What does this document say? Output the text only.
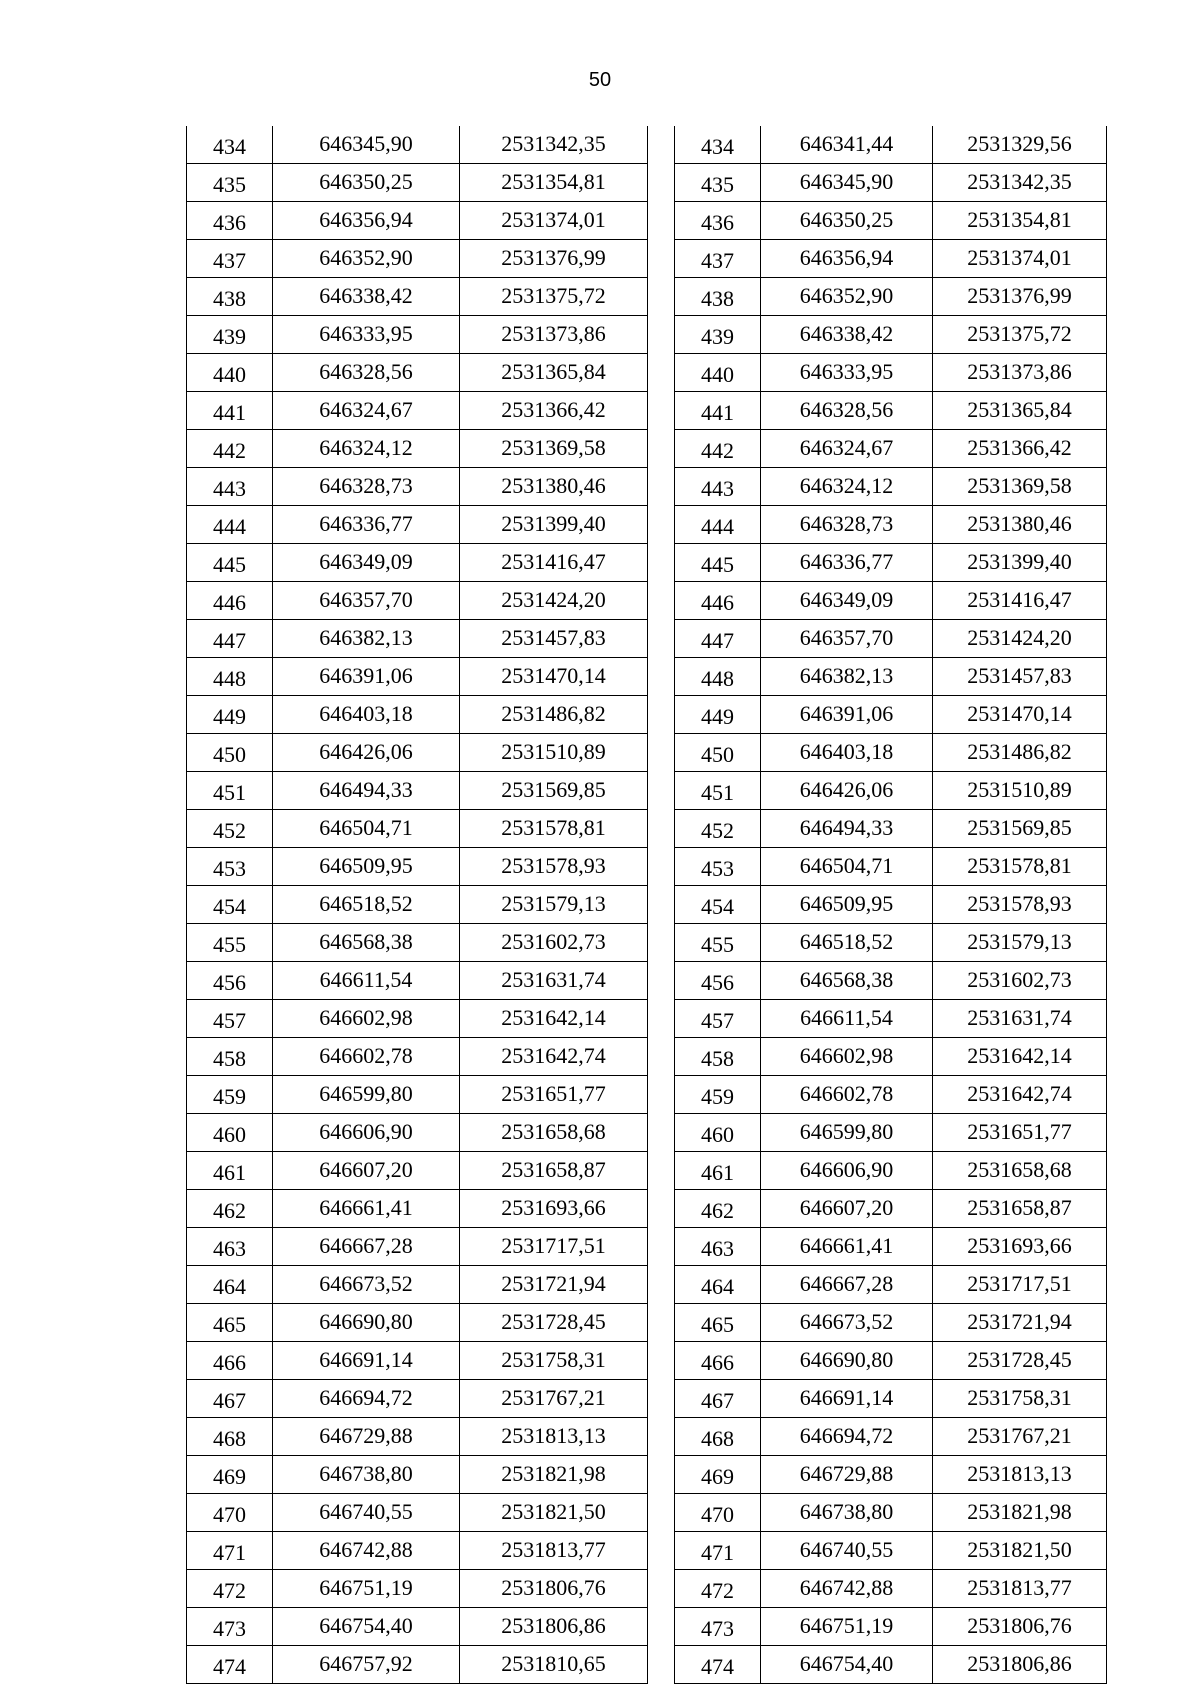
50
434	646345,90	2531342,35
435	646350,25	2531354,81
436	646356,94	2531374,01
437	646352,90	2531376,99
438	646338,42	2531375,72
439	646333,95	2531373,86
440	646328,56	2531365,84
441	646324,67	2531366,42
442	646324,12	2531369,58
443	646328,73	2531380,46
444	646336,77	2531399,40
445	646349,09	2531416,47
446	646357,70	2531424,20
447	646382,13	2531457,83
448	646391,06	2531470,14
449	646403,18	2531486,82
450	646426,06	2531510,89
451	646494,33	2531569,85
452	646504,71	2531578,81
453	646509,95	2531578,93
454	646518,52	2531579,13
455	646568,38	2531602,73
456	646611,54	2531631,74
457	646602,98	2531642,14
458	646602,78	2531642,74
459	646599,80	2531651,77
460	646606,90	2531658,68
461	646607,20	2531658,87
462	646661,41	2531693,66
463	646667,28	2531717,51
464	646673,52	2531721,94
465	646690,80	2531728,45
466	646691,14	2531758,31
467	646694,72	2531767,21
468	646729,88	2531813,13
469	646738,80	2531821,98
470	646740,55	2531821,50
471	646742,88	2531813,77
472	646751,19	2531806,76
473	646754,40	2531806,86
474	646757,92	2531810,65
434	646341,44	2531329,56
435	646345,90	2531342,35
436	646350,25	2531354,81
437	646356,94	2531374,01
438	646352,90	2531376,99
439	646338,42	2531375,72
440	646333,95	2531373,86
441	646328,56	2531365,84
442	646324,67	2531366,42
443	646324,12	2531369,58
444	646328,73	2531380,46
445	646336,77	2531399,40
446	646349,09	2531416,47
447	646357,70	2531424,20
448	646382,13	2531457,83
449	646391,06	2531470,14
450	646403,18	2531486,82
451	646426,06	2531510,89
452	646494,33	2531569,85
453	646504,71	2531578,81
454	646509,95	2531578,93
455	646518,52	2531579,13
456	646568,38	2531602,73
457	646611,54	2531631,74
458	646602,98	2531642,14
459	646602,78	2531642,74
460	646599,80	2531651,77
461	646606,90	2531658,68
462	646607,20	2531658,87
463	646661,41	2531693,66
464	646667,28	2531717,51
465	646673,52	2531721,94
466	646690,80	2531728,45
467	646691,14	2531758,31
468	646694,72	2531767,21
469	646729,88	2531813,13
470	646738,80	2531821,98
471	646740,55	2531821,50
472	646742,88	2531813,77
473	646751,19	2531806,76
474	646754,40	2531806,86
